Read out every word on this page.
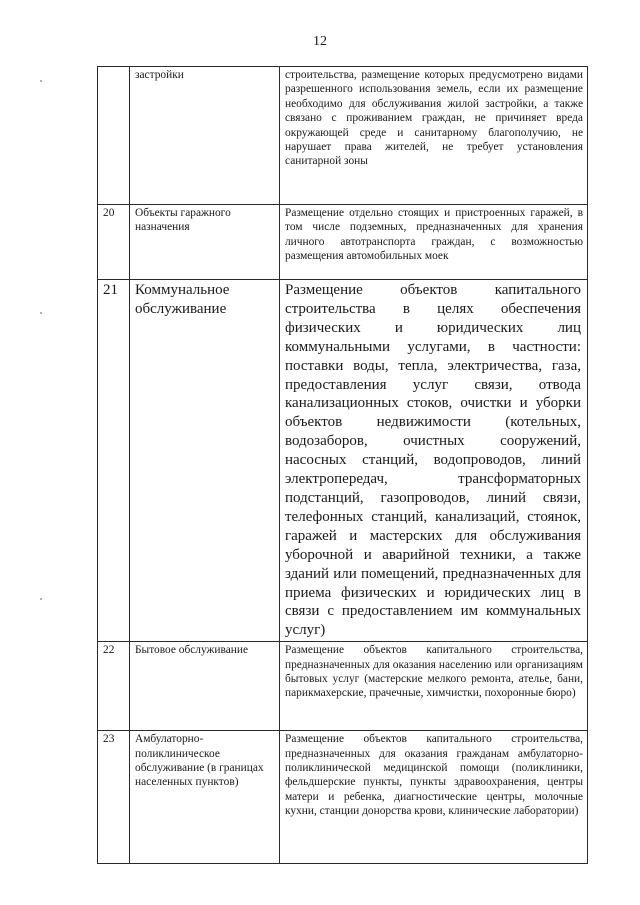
12
	застройки	строительства, размещение которых предусмотрено видами разрешенного использования земель, если их размещение необходимо для обслуживания жилой застройки, а также связано с проживанием граждан, не причиняет вреда окружающей среде и санитарному благополучию, не нарушает права жителей, не требует установления санитарной зоны
20	Объекты гаражного назначения	Размещение отдельно стоящих и пристроенных гаражей, в том числе подземных, предназначенных для хранения личного автотранспорта граждан, с возможностью размещения автомобильных моек
21	Коммунальное обслуживание	Размещение объектов капитального строительства в целях обеспечения физических и юридических лиц коммунальными услугами, в частности: поставки воды, тепла, электричества, газа, предоставления услуг связи, отвода канализационных стоков, очистки и уборки объектов недвижимости (котельных, водозаборов, очистных сооружений, насосных станций, водопроводов, линий электропередач, трансформаторных подстанций, газопроводов, линий связи, телефонных станций, канализаций, стоянок, гаражей и мастерских для обслуживания уборочной и аварийной техники, а также зданий или помещений, предназначенных для приема физических и юридических лиц в связи с предоставлением им коммунальных услуг)
22	Бытовое обслуживание	Размещение объектов капитального строительства, предназначенных для оказания населению или организациям бытовых услуг (мастерские мелкого ремонта, ателье, бани, парикмахерские, прачечные, химчистки, похоронные бюро)
23	Амбулаторно-поликлиническое обслуживание (в границах населенных пунктов)	Размещение объектов капитального строительства, предназначенных для оказания гражданам амбулаторно-поликлинической медицинской помощи (поликлиники, фельдшерские пункты, пункты здравоохранения, центры матери и ребенка, диагностические центры, молочные кухни, станции донорства крови, клинические лаборатории)
